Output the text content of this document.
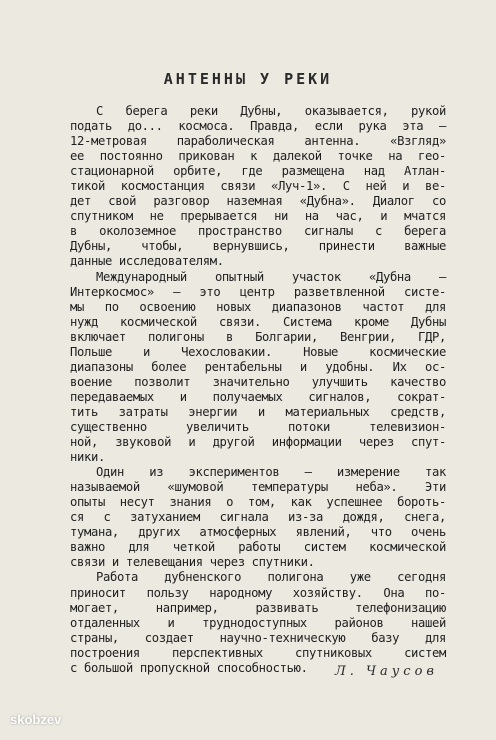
АНТЕННЫ У РЕКИ
С берега реки Дубны, оказывается, рукой
подать до... космоса. Правда, если рука эта —
12-метровая параболическая антенна. «Взгляд»
ее постоянно прикован к далекой точке на гео-
стационарной орбите, где размещена над Атлан-
тикой космостанция связи «Луч-1». С ней и ве-
дет свой разговор наземная «Дубна». Диалог со
спутником не прерывается ни на час, и мчатся
в околоземное пространство сигналы с берега
Дубны, чтобы, вернувшись, принести важные
данные исследователям.
Международный опытный участок «Дубна —
Интеркосмос» — это центр разветвленной систе-
мы по освоению новых диапазонов частот для
нужд космической связи. Система кроме Дубны
включает полигоны в Болгарии, Венгрии, ГДР,
Польше и Чехословакии. Новые космические
диапазоны более рентабельны и удобны. Их ос-
воение позволит значительно улучшить качество
передаваемых и получаемых сигналов, сократ-
тить затраты энергии и материальных средств,
существенно увеличить потоки телевизион-
ной, звуковой и другой информации через спут-
ники.
Один из экспериментов — измерение так
называемой «шумовой температуры неба». Эти
опыты несут знания о том, как успешнее бороть-
ся с затуханием сигнала из-за дождя, снега,
тумана, других атмосферных явлений, что очень
важно для четкой работы систем космической
связи и телевещания через спутники.
Работа дубненского полигона уже сегодня
приносит пользу народному хозяйству. Она по-
могает, например, развивать телефонизацию
отдаленных и труднодоступных районов нашей
страны, создает научно-техническую базу для
построения перспективных спутниковых систем
с большой пропускной способностью.	Л. Чаусов
skobzev
